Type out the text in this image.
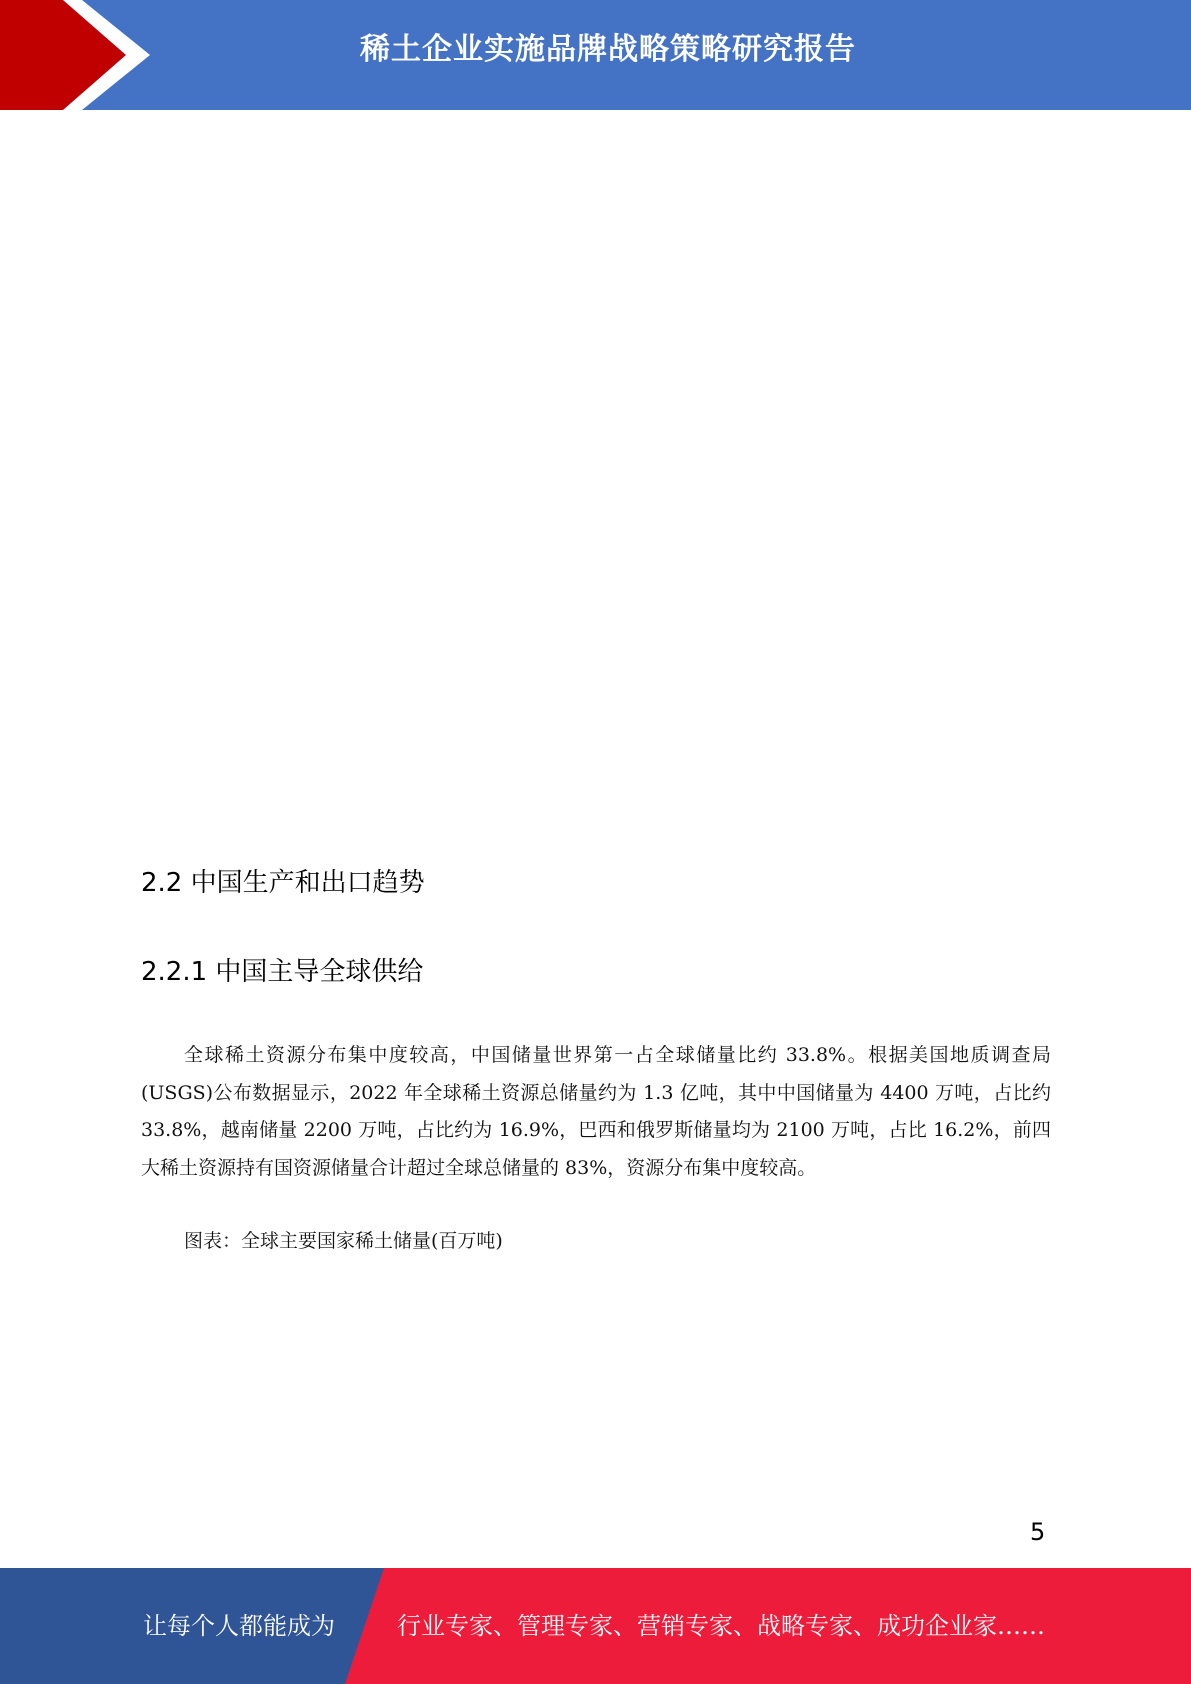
稀土企业实施品牌战略策略研究报告
2.2 中国生产和出口趋势
2.2.1 中国主导全球供给

全球稀土资源分布集中度较高，中国储量世界第一占全球储量比约 33.8%。根据美国地质调查局(USGS)公布数据显示，2022 年全球稀土资源总储量约为 1.3 亿吨，其中中国储量为 4400 万吨，占比约 33.8%，越南储量 2200 万吨，占比约为 16.9%，巴西和俄罗斯储量均为 2100 万吨，占比 16.2%，前四大稀土资源持有国资源储量合计超过全球总储量的 83%，资源分布集中度较高。

图表：全球主要国家稀土储量(百万吨)

5
让每个人都能成为	行业专家、管理专家、营销专家、战略专家、成功企业家……
